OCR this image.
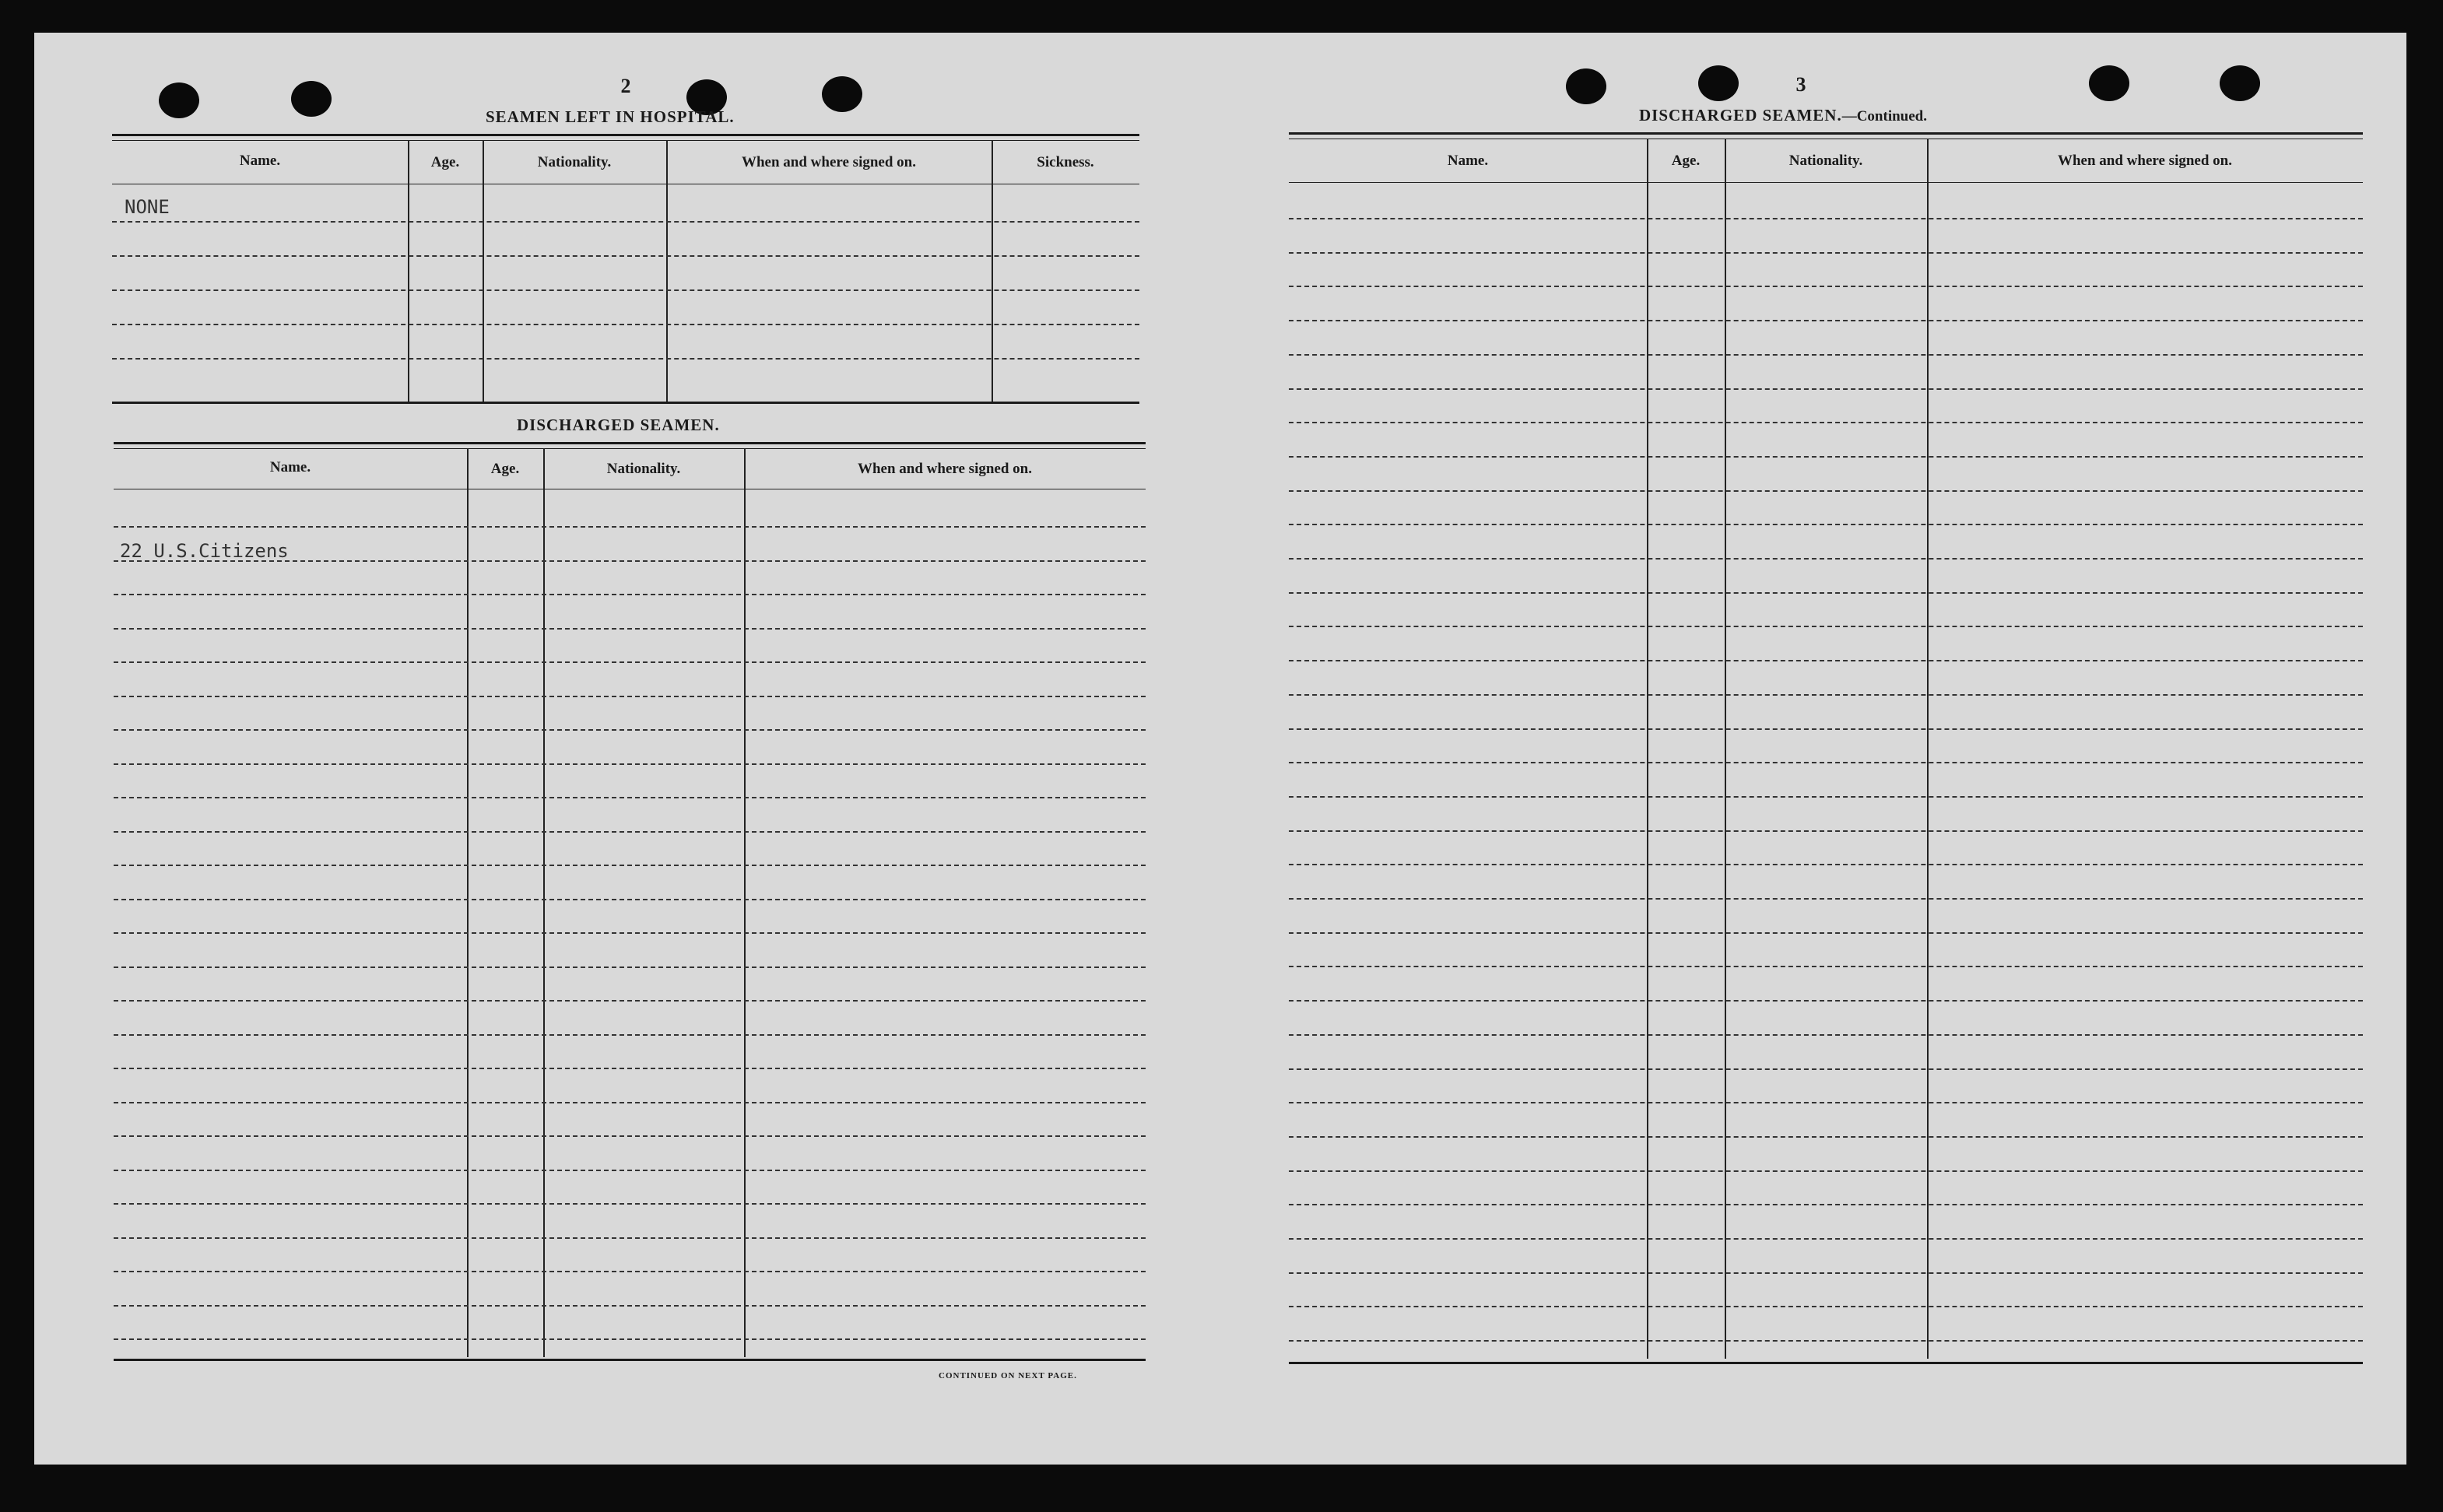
2
SEAMEN LEFT IN HOSPITAL.
Name.	Age.	Nationality.	When and where signed on.	Sickness.
NONE
DISCHARGED SEAMEN.
Name.	Age.	Nationality.	When and where signed on.
22 U.S.Citizens
CONTINUED ON NEXT PAGE.
3
DISCHARGED SEAMEN.—Continued.
Name.	Age.	Nationality.	When and where signed on.
